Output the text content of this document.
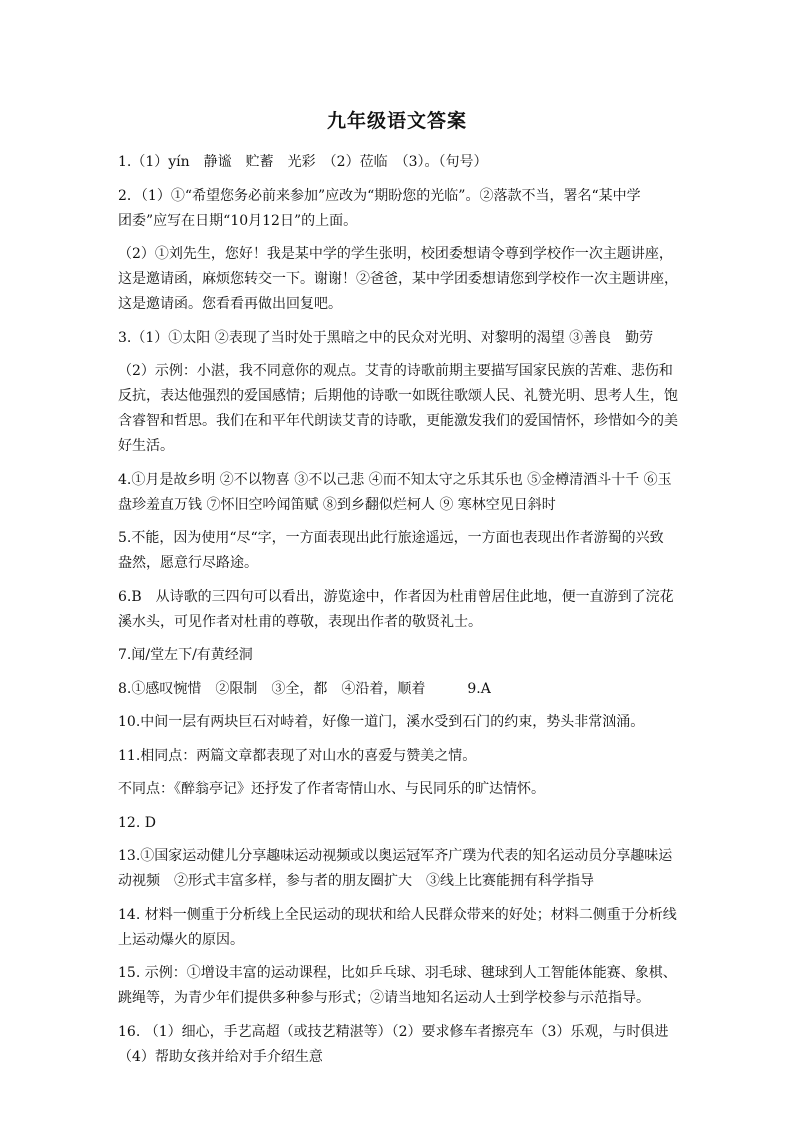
九年级语文答案

1.（1）yín　静谧　贮蓄　光彩　（2）莅临　（3）。（句号）

2．（1）①“希望您务必前来参加”应改为“期盼您的光临”。②落款不当，署名“某中学
团委”应写在日期“10月12日”的上面。

（2）①刘先生，您好！我是某中学的学生张明，校团委想请令尊到学校作一次主题讲座，
这是邀请函，麻烦您转交一下。谢谢！②爸爸，某中学团委想请您到学校作一次主题讲座，
这是邀请函。您看看再做出回复吧。

3.（1）①太阳 ②表现了当时处于黑暗之中的民众对光明、对黎明的渴望 ③善良　勤劳

（2）示例：小湛，我不同意你的观点。艾青的诗歌前期主要描写国家民族的苦难、悲伤和
反抗，表达他强烈的爱国感情；后期他的诗歌一如既往歌颂人民、礼赞光明、思考人生，饱
含睿智和哲思。我们在和平年代朗读艾青的诗歌，更能激发我们的爱国情怀，珍惜如今的美
好生活。

4.①月是故乡明 ②不以物喜 ③不以己悲 ④而不知太守之乐其乐也 ⑤金樽清酒斗十千 ⑥玉
盘珍羞直万钱 ⑦怀旧空吟闻笛赋 ⑧到乡翻似烂柯人 ⑨ 寒林空见日斜时

5.不能，因为使用“尽“字，一方面表现出此行旅途遥远，一方面也表现出作者游蜀的兴致
盎然，愿意行尽路途。

6.B　从诗歌的三四句可以看出，游览途中，作者因为杜甫曾居住此地，便一直游到了浣花
溪水头，可见作者对杜甫的尊敬，表现出作者的敬贤礼士。

7.闻/堂左下/有黄经洞

8.①感叹惋惜　②限制　③全，都　④沿着，顺着　　　9.A

10.中间一层有两块巨石对峙着，好像一道门，溪水受到石门的约束，势头非常汹涌。

11.相同点：两篇文章都表现了对山水的喜爱与赞美之情。

不同点：《醉翁亭记》还抒发了作者寄情山水、与民同乐的旷达情怀。

12. D

13.①国家运动健儿分享趣味运动视频或以奥运冠军齐广璞为代表的知名运动员分享趣味运
动视频　②形式丰富多样，参与者的朋友圈扩大　③线上比赛能拥有科学指导

14. 材料一侧重于分析线上全民运动的现状和给人民群众带来的好处；材料二侧重于分析线
上运动爆火的原因。

15. 示例：①增设丰富的运动课程，比如乒乓球、羽毛球、毽球到人工智能体能赛、象棋、
跳绳等，为青少年们提供多种参与形式；②请当地知名运动人士到学校参与示范指导。

16. （1）细心，手艺高超（或技艺精湛等）（2）要求修车者擦亮车（3）乐观，与时俱进
（4）帮助女孩并给对手介绍生意
